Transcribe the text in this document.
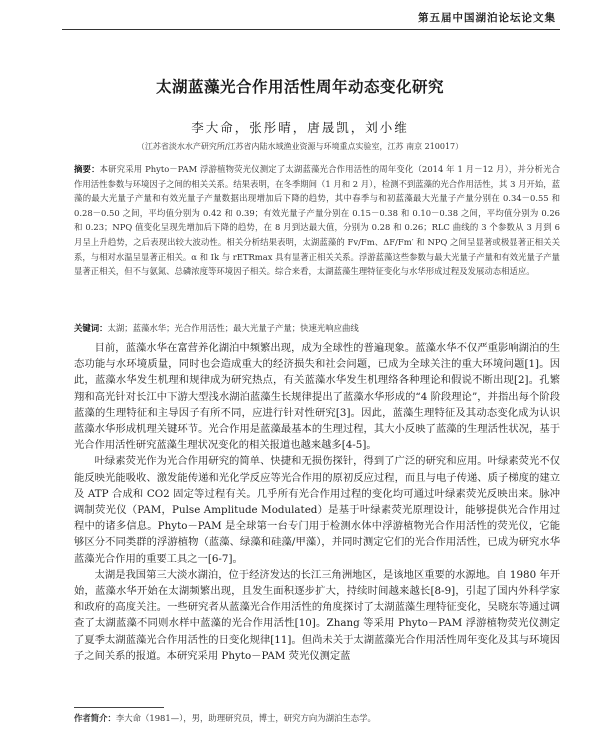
第五届中国湖泊论坛论文集
太湖蓝藻光合作用活性周年动态变化研究
李大命，张彤晴，唐晟凯，刘小维
（江苏省淡水水产研究所/江苏省内陆水域渔业资源与环境重点实验室，江苏 南京 210017）
摘要：本研究采用 Phyto－PAM 浮游植物荧光仪测定了太湖蓝藻光合作用活性的周年变化（2014 年 1 月－12 月），并分析光合作用活性参数与环境因子之间的相关关系。结果表明，在冬季期间（1 月和 2 月），检测不到蓝藻的光合作用活性，其 3 月开始，蓝藻的最大光量子产量和有效光量子产量数据出现增加后下降的趋势，其中春季与和初蓝藻最大光量子产量分别在 0.34－0.55 和 0.28－0.50 之间，平均值分别为 0.42 和 0.39；有效光量子产量分别在 0.15－0.38 和 0.10－0.38 之间，平均值分别为 0.26 和 0.23；NPQ 值变化呈现先增加后下降的趋势，在 8 月到达最大值，分别为 0.28 和 0.26；RLC 曲线的 3 个参数从 3 月到 6 月呈上升趋势，之后表现出较大波动性。相关分析结果表明，太湖蓝藻的 Fv/Fm、ΔF/Fm′ 和 NPQ 之间呈显著或极显著正相关关系，与相对水温呈显著正相关。α 和 Ik 与 rETRmax 具有显著正相关关系。浮游蓝藻这些参数与最大光量子产量和有效光量子产量显著正相关，但不与氨氮、总磷浓度等环境因子相关。综合来看，太湖蓝藻生理特征变化与水华形成过程及发展动态相适应。
关键词：太湖；蓝藻水华；光合作用活性；最大光量子产量；快速光响应曲线

目前，蓝藻水华在富营养化湖泊中频繁出现，成为全球性的普遍现象。蓝藻水华不仅严重影响湖泊的生态功能与水环境质量，同时也会造成重大的经济损失和社会问题，已成为全球关注的重大环境问题[1]。因此，蓝藻水华发生机理和规律成为研究热点，有关蓝藻水华发生机理络各种理论和假说不断出现[2]。孔繁翔和高光针对长江中下游大型浅水湖泊蓝藻生长规律提出了蓝藻水华形成的“4 阶段理论”，并指出每个阶段蓝藻的生理特征和主导因子有所不同，应进行针对性研究[3]。因此，蓝藻生理特征及其动态变化成为认识蓝藻水华形成机理关键环节。光合作用是蓝藻最基本的生理过程，其大小反映了蓝藻的生理活性状况，基于光合作用活性研究蓝藻生理状况变化的相关报道也越来越多[4-5]。

叶绿素荧光作为光合作用研究的简单、快捷和无损伤探针，得到了广泛的研究和应用。叶绿素荧光不仅能反映光能吸收、激发能传递和光化学反应等光合作用的原初反应过程，而且与电子传递、质子梯度的建立及 ATP 合成和 CO2 固定等过程有关。几乎所有光合作用过程的变化均可通过叶绿素荧光反映出来。脉冲调制荧光仪（PAM，Pulse Amplitude Modulated）是基于叶绿素荧光原理设计，能够提供光合作用过程中的诸多信息。Phyto－PAM 是全球第一台专门用于检测水体中浮游植物光合作用活性的荧光仪，它能够区分不同类群的浮游植物（蓝藻、绿藻和硅藻/甲藻），并同时测定它们的光合作用活性，已成为研究水华蓝藻光合作用的重要工具之一[6-7]。

太湖是我国第三大淡水湖泊，位于经济发达的长江三角洲地区，是该地区重要的水源地。自 1980 年开始，蓝藻水华开始在太湖频繁出现，且发生面积逐步扩大，持续时间越来越长[8-9]，引起了国内外科学家和政府的高度关注。一些研究者从蓝藻光合作用活性的角度探讨了太湖蓝藻生理特征变化，吴晓东等通过调查了太湖蓝藻不同则水样中蓝藻的光合作用活性[10]。Zhang 等采用 Phyto－PAM 浮游植物荧光仪测定了夏季太湖蓝藻光合作用活性的日变化规律[11]。但尚未关于太湖蓝藻光合作用活性周年变化及其与环境因子之间关系的报道。本研究采用 Phyto－PAM 荧光仪测定蓝

作者简介：李大命（1981—），男，助理研究员，博士，研究方向为湖泊生态学。
